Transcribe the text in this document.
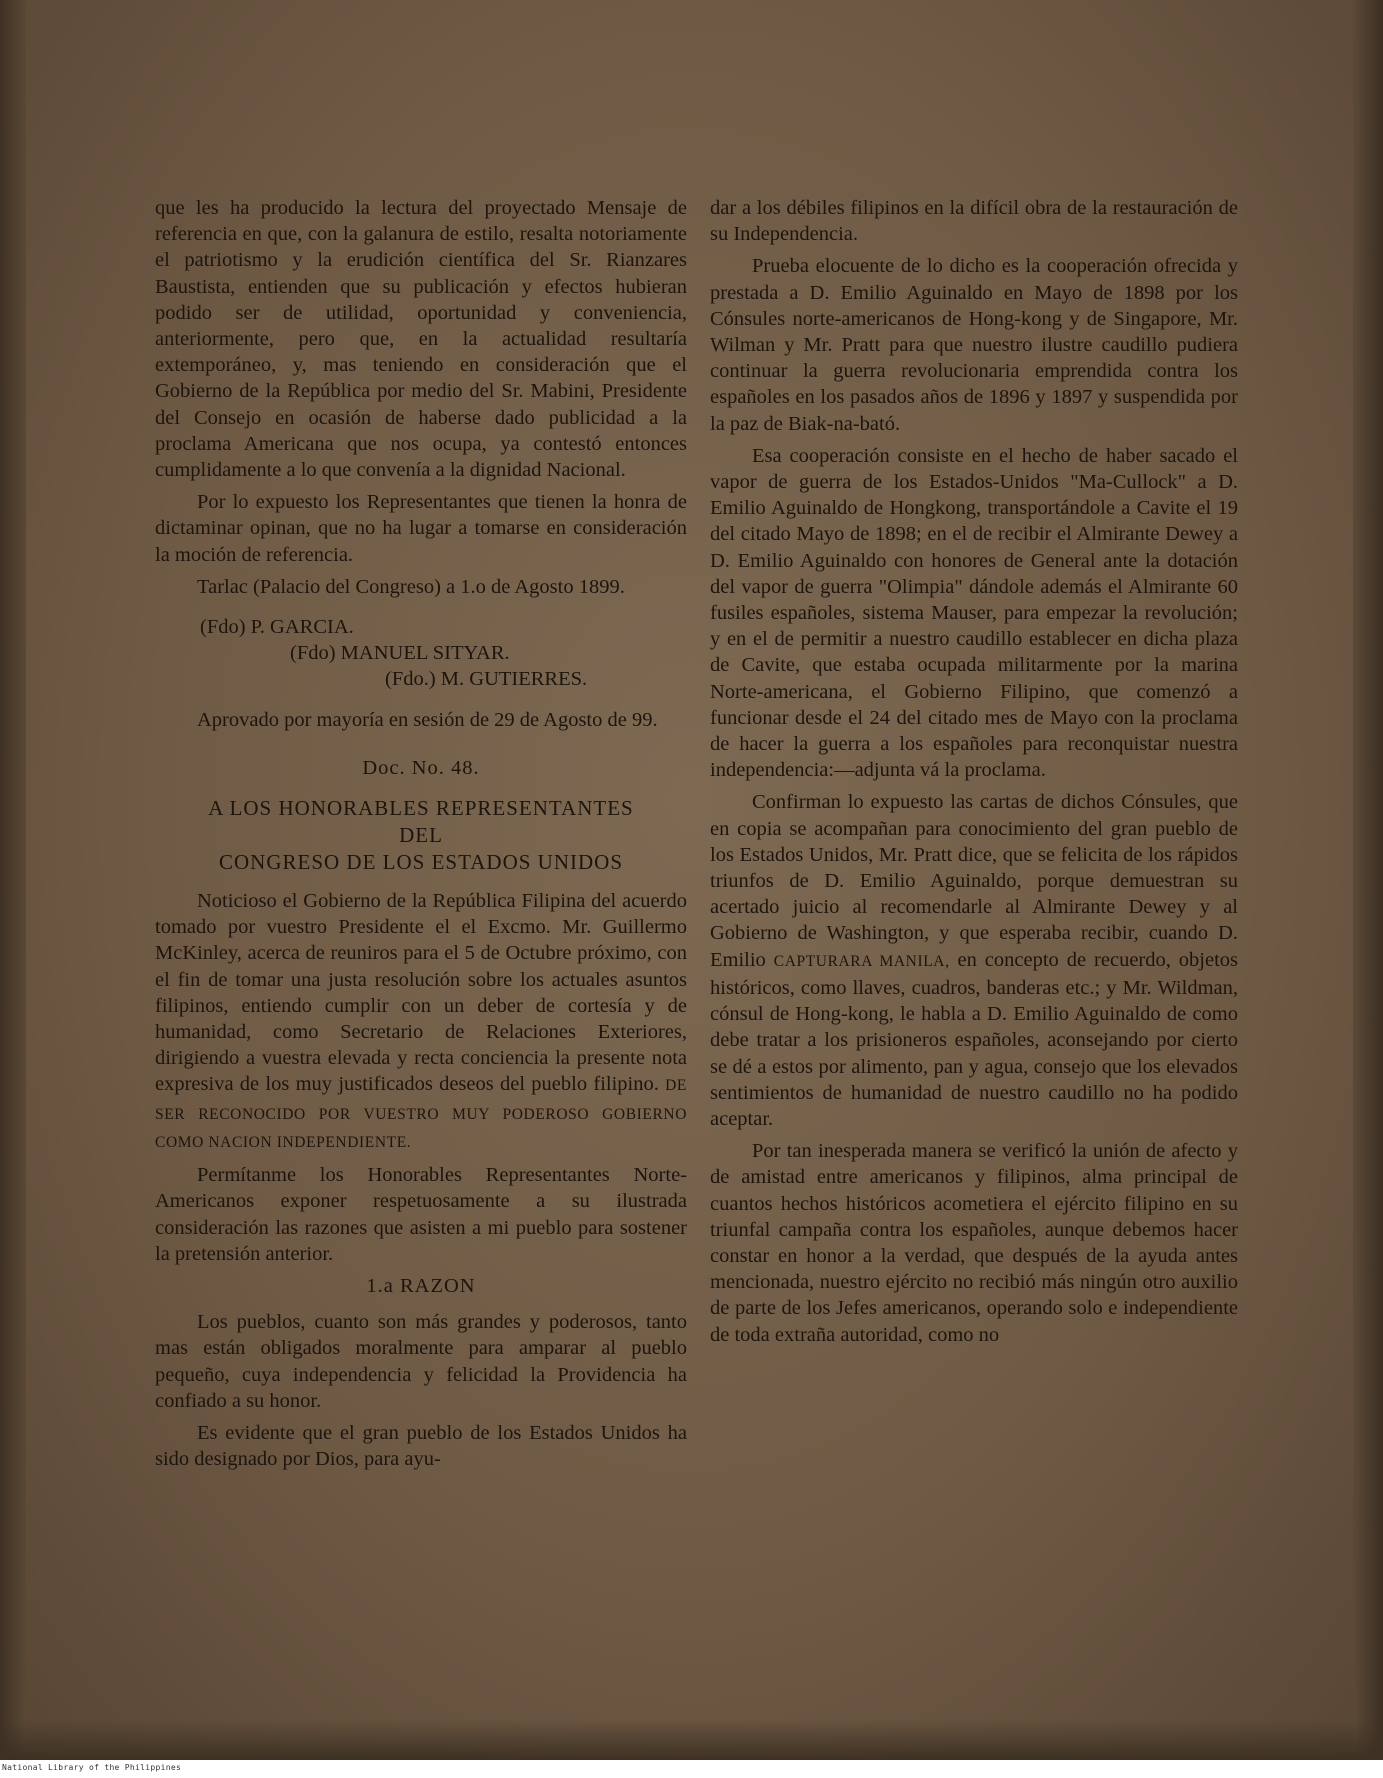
que les ha producido la lectura del proyectado Mensaje de referencia en que, con la galanura de estilo, resalta notoriamente el patriotismo y la erudición científica del Sr. Rianzares Baustista, entienden que su publicación y efectos hubieran podido ser de utilidad, oportunidad y conveniencia, anteriormente, pero que, en la actualidad resultaría extemporáneo, y, mas teniendo en consideración que el Gobierno de la República por medio del Sr. Mabini, Presidente del Consejo en ocasión de haberse dado publicidad a la proclama Americana que nos ocupa, ya contestó entonces cumplidamente a lo que convenía a la dignidad Nacional.

Por lo expuesto los Representantes que tienen la honra de dictaminar opinan, que no ha lugar a tomarse en consideración la moción de referencia.

Tarlac (Palacio del Congreso) a 1.o de Agosto 1899.

(Fdo) P. GARCIA.

(Fdo) MANUEL SITYAR.

(Fdo.) M. GUTIERRES.

Aprovado por mayoría en sesión de 29 de Agosto de 99.

Doc. No. 48.

A LOS HONORABLES REPRESENTANTES

DEL

CONGRESO DE LOS ESTADOS UNIDOS

Noticioso el Gobierno de la República Filipina del acuerdo tomado por vuestro Presidente el el Excmo. Mr. Guillermo McKinley, acerca de reuniros para el 5 de Octubre próximo, con el fin de tomar una justa resolución sobre los actuales asuntos filipinos, entiendo cumplir con un deber de cortesía y de humanidad, como Secretario de Relaciones Exteriores, dirigiendo a vuestra elevada y recta conciencia la presente nota expresiva de los muy justificados deseos del pueblo filipino. DE SER RECONOCIDO POR VUESTRO MUY PODEROSO GOBIERNO COMO NACION INDEPENDIENTE.

Permítanme los Honorables Representantes Norte-Americanos exponer respetuosamente a su ilustrada consideración las razones que asisten a mi pueblo para sostener la pretensión anterior.

1.a RAZON

Los pueblos, cuanto son más grandes y poderosos, tanto mas están obligados moralmente para amparar al pueblo pequeño, cuya independencia y felicidad la Providencia ha confiado a su honor.

Es evidente que el gran pueblo de los Estados Unidos ha sido designado por Dios, para ayu-

dar a los débiles filipinos en la difícil obra de la restauración de su Independencia.

Prueba elocuente de lo dicho es la cooperación ofrecida y prestada a D. Emilio Aguinaldo en Mayo de 1898 por los Cónsules norte-americanos de Hong-kong y de Singapore, Mr. Wilman y Mr. Pratt para que nuestro ilustre caudillo pudiera continuar la guerra revolucionaria emprendida contra los españoles en los pasados años de 1896 y 1897 y suspendida por la paz de Biak-na-bató.

Esa cooperación consiste en el hecho de haber sacado el vapor de guerra de los Estados-Unidos "Ma-Cullock" a D. Emilio Aguinaldo de Hongkong, transportándole a Cavite el 19 del citado Mayo de 1898; en el de recibir el Almirante Dewey a D. Emilio Aguinaldo con honores de General ante la dotación del vapor de guerra "Olimpia" dándole además el Almirante 60 fusiles españoles, sistema Mauser, para empezar la revolución; y en el de permitir a nuestro caudillo establecer en dicha plaza de Cavite, que estaba ocupada militarmente por la marina Norte-americana, el Gobierno Filipino, que comenzó a funcionar desde el 24 del citado mes de Mayo con la proclama de hacer la guerra a los españoles para reconquistar nuestra independencia:—adjunta vá la proclama.

Confirman lo expuesto las cartas de dichos Cónsules, que en copia se acompañan para conocimiento del gran pueblo de los Estados Unidos, Mr. Pratt dice, que se felicita de los rápidos triunfos de D. Emilio Aguinaldo, porque demuestran su acertado juicio al recomendarle al Almirante Dewey y al Gobierno de Washington, y que esperaba recibir, cuando D. Emilio CAPTURARA MANILA, en concepto de recuerdo, objetos históricos, como llaves, cuadros, banderas etc.; y Mr. Wildman, cónsul de Hong-kong, le habla a D. Emilio Aguinaldo de como debe tratar a los prisioneros españoles, aconsejando por cierto se dé a estos por alimento, pan y agua, consejo que los elevados sentimientos de humanidad de nuestro caudillo no ha podido aceptar.

Por tan inesperada manera se verificó la unión de afecto y de amistad entre americanos y filipinos, alma principal de cuantos hechos históricos acometiera el ejército filipino en su triunfal campaña contra los españoles, aunque debemos hacer constar en honor a la verdad, que después de la ayuda antes mencionada, nuestro ejército no recibió más ningún otro auxilio de parte de los Jefes americanos, operando solo e independiente de toda extraña autoridad, como no

National Library of the Philippines
